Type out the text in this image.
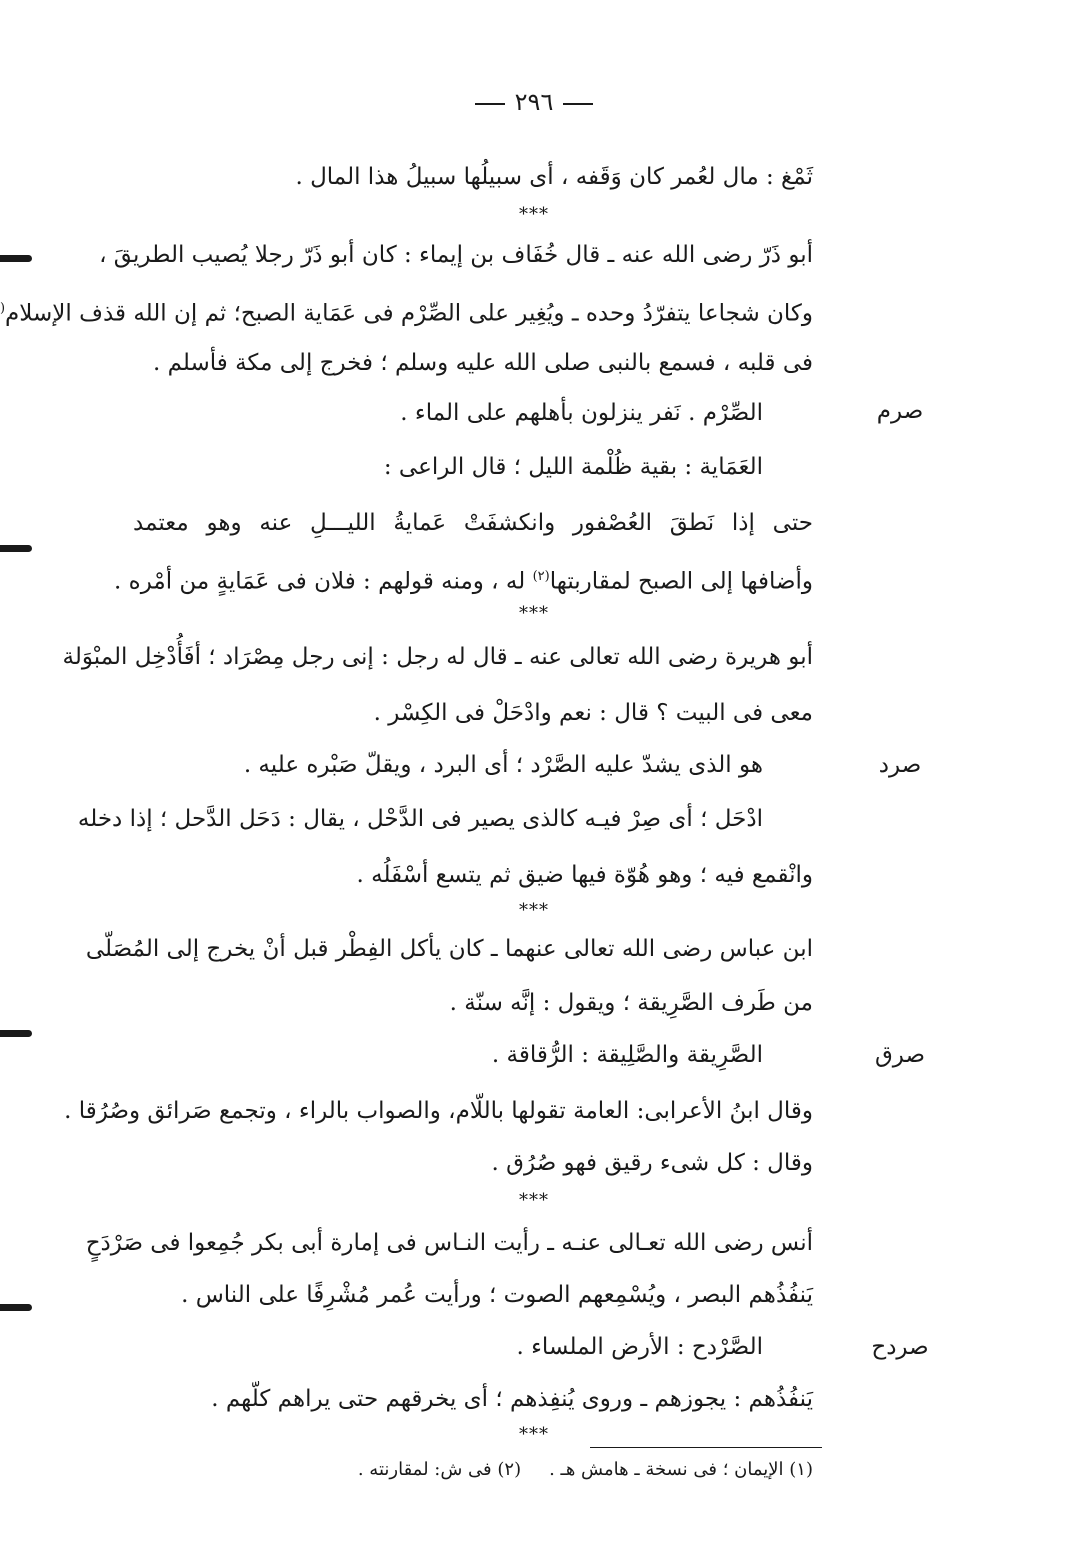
٢٩٦
ثَمْغ : مال لعُمر كان وَقَفه ، أى سبيلُها سبيلُ هذا المال .
***
أبو ذَرّ رضى الله عنه ـ قال خُفَاف بن إيماء : كان أبو ذَرّ رجلا يُصيب الطريقَ ،
وكان شجاعا يتفرّدُ وحده ـ ويُغِير على الصِّرْم فى عَمَاية الصبح؛ ثم إن الله قذف الإسلام(
فى قلبه ، فسمع بالنبى صلى الله عليه وسلم ؛ فخرج إلى مكة فأسلم .
صرم
الصِّرْم . نَفر ينزلون بأهلهم على الماء .
العَمَاية : بقية ظُلْمة الليل ؛ قال الراعى :
حتى إذا نَطقَ العُصْفور وانكشفَتْ عَمايةُ الليـــلِ عنه وهو معتمد
وأضافها إلى الصبح لمقاربتها$^{(٢)}$ له ، ومنه قولهم : فلان فى عَمَايةٍ من أمْره .
***
أبو هريرة رضى الله تعالى عنه ـ قال له رجل : إنى رجل مِصْرَاد ؛ أفَأُدْخِل المبْوَلة
معى فى البيت ؟ قال : نعم وادْحَلْ فى الكِسْر .
صرد
هو الذى يشدّ عليه الصَّرْد ؛ أى البرد ، ويقلّ صَبْره عليه .
ادْحَل ؛ أى صِرْ فيـه كالذى يصير فى الدَّحْل ، يقال : دَحَل الدَّحل ؛ إذا دخله
وانْقمع فيه ؛ وهو هُوّة فيها ضيق ثم يتسع أسْفَلُه .
***
ابن عباس رضى الله تعالى عنهما ـ كان يأكل الفِطْر قبل أنْ يخرج إلى المُصَلّى
من طَرف الصَّرِيقة ؛ ويقول : إنَّه سنّة .
صرق
الصَّرِيقة والصَّلِيقة : الرُّقاقة .
وقال ابنُ الأعرابى: العامة تقولها باللّام، والصواب بالراء ، وتجمع صَرائق وصُرُقا .
وقال : كل شىء رقيق فهو صُرُق .
***
أنس رضى الله تعـالى عنـه ـ رأيت النـاس فى إمارة أبى بكر جُمِعوا فى صَرْدَحٍ
يَنفُذُهم البصر ، ويُسْمِعهم الصوت ؛ ورأيت عُمر مُشْرِفًا على الناس .
صردح
الصَّرْدح : الأرض الملساء .
يَنفُذُهم : يجوزهم ـ وروى يُنفِذهم ؛ أى يخرقهم حتى يراهم كلّهم .
***
(١) الإيمان ؛ فى نسخة ـ هامش هـ .(٢) فى ش: لمقارنته .
